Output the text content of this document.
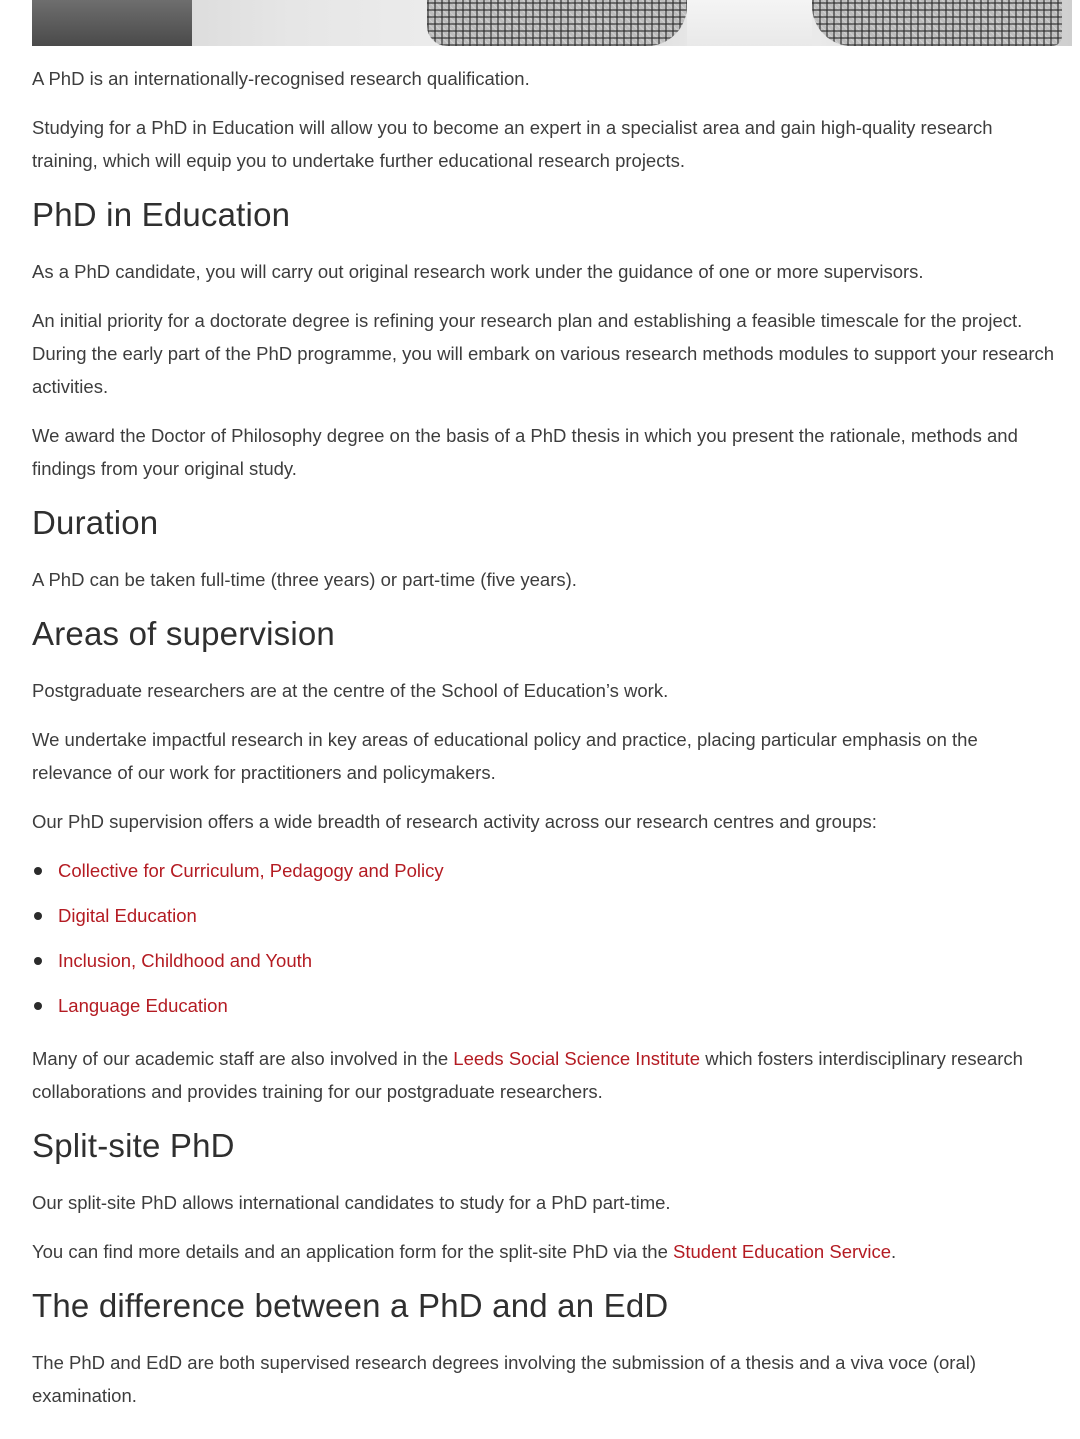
A PhD is an internationally-recognised research qualification.

Studying for a PhD in Education will allow you to become an expert in a specialist area and gain high-quality research training, which will equip you to undertake further educational research projects.

PhD in Education

As a PhD candidate, you will carry out original research work under the guidance of one or more supervisors.

An initial priority for a doctorate degree is refining your research plan and establishing a feasible timescale for the project. During the early part of the PhD programme, you will embark on various research methods modules to support your research activities.

We award the Doctor of Philosophy degree on the basis of a PhD thesis in which you present the rationale, methods and findings from your original study.

Duration

A PhD can be taken full-time (three years) or part-time (five years).

Areas of supervision

Postgraduate researchers are at the centre of the School of Education’s work.

We undertake impactful research in key areas of educational policy and practice, placing particular emphasis on the relevance of our work for practitioners and policymakers.

Our PhD supervision offers a wide breadth of research activity across our research centres and groups:

Collective for Curriculum, Pedagogy and Policy
Digital Education
Inclusion, Childhood and Youth
Language Education

Many of our academic staff are also involved in the Leeds Social Science Institute which fosters interdisciplinary research collaborations and provides training for our postgraduate researchers.

Split-site PhD

Our split-site PhD allows international candidates to study for a PhD part-time.

You can find more details and an application form for the split-site PhD via the Student Education Service.

The difference between a PhD and an EdD

The PhD and EdD are both supervised research degrees involving the submission of a thesis and a viva voce (oral) examination.
